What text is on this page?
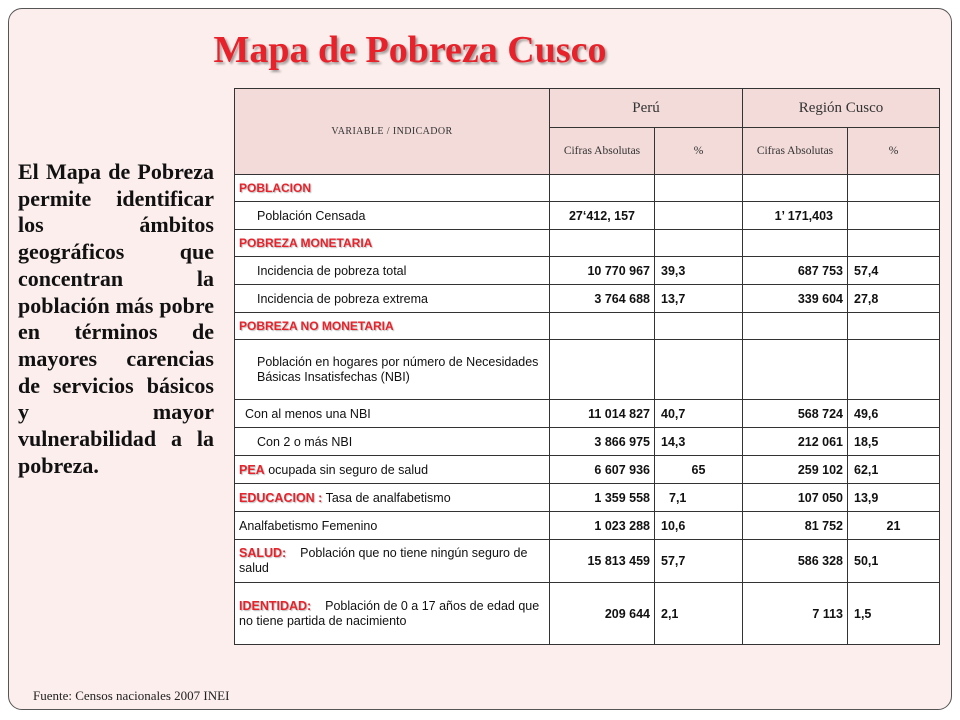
Mapa de Pobreza Cusco
El Mapa de Pobreza permite identificar los ámbitos geográficos que concentran la población más pobre en términos de mayores carencias de servicios básicos y mayor vulnerabilidad a la pobreza.
VARIABLE / INDICADOR	Perú		Región Cusco	
	Cifras Absolutas	%	Cifras Absolutas	%
POBLACION				

Población Censada	27‘412, 157		1’ 171,403	
POBREZA MONETARIA				

Incidencia de pobreza total	10 770 967	39,3	687 753	57,4

Incidencia de pobreza extrema	3 764 688	13,7	339 604	27,8
POBREZA NO MONETARIA				

Población en hogares por número de Necesidades Básicas Insatisfechas (NBI)				

Con al menos una NBI	11 014 827	40,7	568 724	49,6

Con 2 o más NBI	3 866 975	14,3	212 061	18,5
PEA ocupada sin seguro de salud	6 607 936	65	259 102	62,1
EDUCACION : Tasa de analfabetismo	1 359 558	7,1	107 050	13,9
Analfabetismo Femenino	1 023 288	10,6	81 752	21
SALUD: Población que no tiene ningún seguro de salud	15 813 459	57,7	586 328	50,1
IDENTIDAD: Población de 0 a 17 años de edad que no tiene partida de nacimiento	209 644	2,1	7 113	1,5
Fuente: Censos nacionales 2007 INEI
